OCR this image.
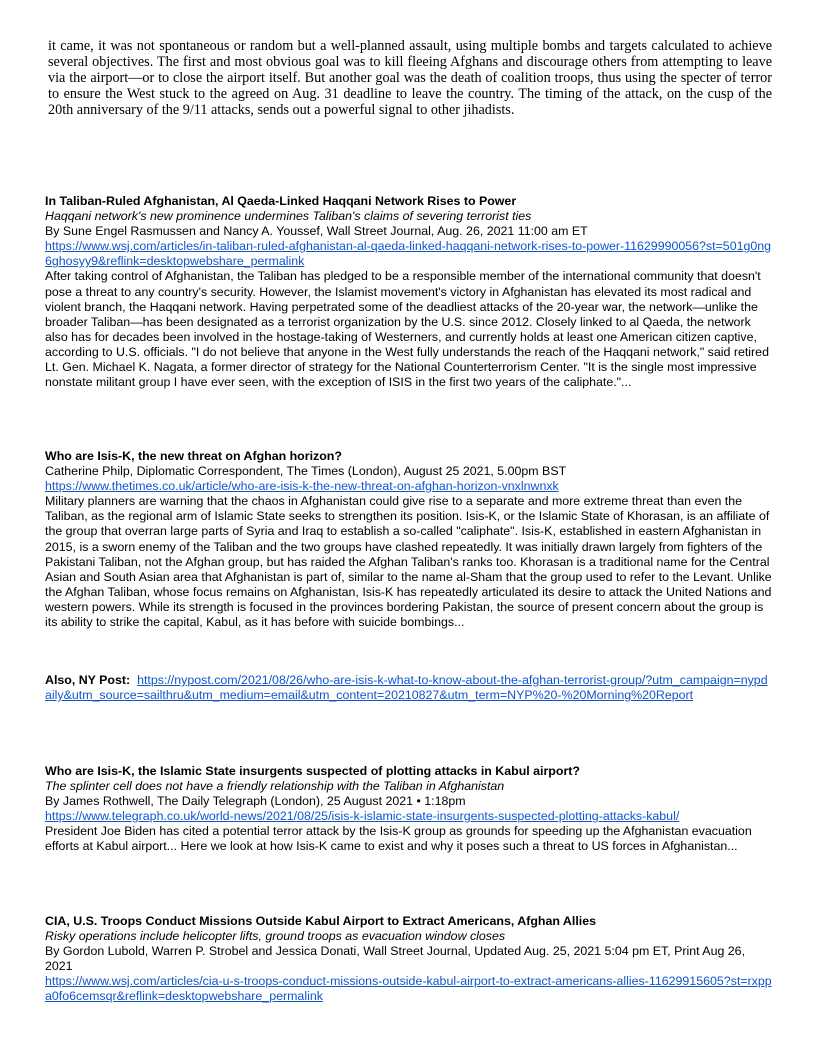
it came, it was not spontaneous or random but a well-planned assault, using multiple bombs and targets calculated to achieve several objectives. The first and most obvious goal was to kill fleeing Afghans and discourage others from attempting to leave via the airport—or to close the airport itself. But another goal was the death of coalition troops, thus using the specter of terror to ensure the West stuck to the agreed on Aug. 31 deadline to leave the country. The timing of the attack, on the cusp of the 20th anniversary of the 9/11 attacks, sends out a powerful signal to other jihadists.

In Taliban-Ruled Afghanistan, Al Qaeda-Linked Haqqani Network Rises to Power
Haqqani network's new prominence undermines Taliban's claims of severing terrorist ties
By Sune Engel Rasmussen and Nancy A. Youssef, Wall Street Journal, Aug. 26, 2021 11:00 am ET
https://www.wsj.com/articles/in-taliban-ruled-afghanistan-al-qaeda-linked-haqqani-network-rises-to-power-11629990056?st=501g0ng6ghosyy9&reflink=desktopwebshare_permalink
After taking control of Afghanistan, the Taliban has pledged to be a responsible member of the international community that doesn't pose a threat to any country's security. However, the Islamist movement's victory in Afghanistan has elevated its most radical and violent branch, the Haqqani network. Having perpetrated some of the deadliest attacks of the 20-year war, the network—unlike the broader Taliban—has been designated as a terrorist organization by the U.S. since 2012. Closely linked to al Qaeda, the network also has for decades been involved in the hostage-taking of Westerners, and currently holds at least one American citizen captive, according to U.S. officials. "I do not believe that anyone in the West fully understands the reach of the Haqqani network," said retired Lt. Gen. Michael K. Nagata, a former director of strategy for the National Counterterrorism Center. "It is the single most impressive nonstate militant group I have ever seen, with the exception of ISIS in the first two years of the caliphate."...
Who are Isis-K, the new threat on Afghan horizon?
Catherine Philp, Diplomatic Correspondent, The Times (London), August 25 2021, 5.00pm BST
https://www.thetimes.co.uk/article/who-are-isis-k-the-new-threat-on-afghan-horizon-vnxlnwnxk
Military planners are warning that the chaos in Afghanistan could give rise to a separate and more extreme threat than even the Taliban, as the regional arm of Islamic State seeks to strengthen its position. Isis-K, or the Islamic State of Khorasan, is an affiliate of the group that overran large parts of Syria and Iraq to establish a so-called "caliphate". Isis-K, established in eastern Afghanistan in 2015, is a sworn enemy of the Taliban and the two groups have clashed repeatedly. It was initially drawn largely from fighters of the Pakistani Taliban, not the Afghan group, but has raided the Afghan Taliban's ranks too. Khorasan is a traditional name for the Central Asian and South Asian area that Afghanistan is part of, similar to the name al-Sham that the group used to refer to the Levant. Unlike the Afghan Taliban, whose focus remains on Afghanistan, Isis-K has repeatedly articulated its desire to attack the United Nations and western powers. While its strength is focused in the provinces bordering Pakistan, the source of present concern about the group is its ability to strike the capital, Kabul, as it has before with suicide bombings...
Also, NY Post: https://nypost.com/2021/08/26/who-are-isis-k-what-to-know-about-the-afghan-terrorist-group/?utm_campaign=nypdaily&utm_source=sailthru&utm_medium=email&utm_content=20210827&utm_term=NYP%20-%20Morning%20Report
Who are Isis-K, the Islamic State insurgents suspected of plotting attacks in Kabul airport?
The splinter cell does not have a friendly relationship with the Taliban in Afghanistan
By James Rothwell, The Daily Telegraph (London), 25 August 2021 • 1:18pm
https://www.telegraph.co.uk/world-news/2021/08/25/isis-k-islamic-state-insurgents-suspected-plotting-attacks-kabul/
President Joe Biden has cited a potential terror attack by the Isis-K group as grounds for speeding up the Afghanistan evacuation efforts at Kabul airport... Here we look at how Isis-K came to exist and why it poses such a threat to US forces in Afghanistan...
CIA, U.S. Troops Conduct Missions Outside Kabul Airport to Extract Americans, Afghan Allies
Risky operations include helicopter lifts, ground troops as evacuation window closes
By Gordon Lubold, Warren P. Strobel and Jessica Donati, Wall Street Journal, Updated Aug. 25, 2021 5:04 pm ET, Print Aug 26, 2021
https://www.wsj.com/articles/cia-u-s-troops-conduct-missions-outside-kabul-airport-to-extract-americans-allies-11629915605?st=rxppa0fo6cemsqr&reflink=desktopwebshare_permalink
